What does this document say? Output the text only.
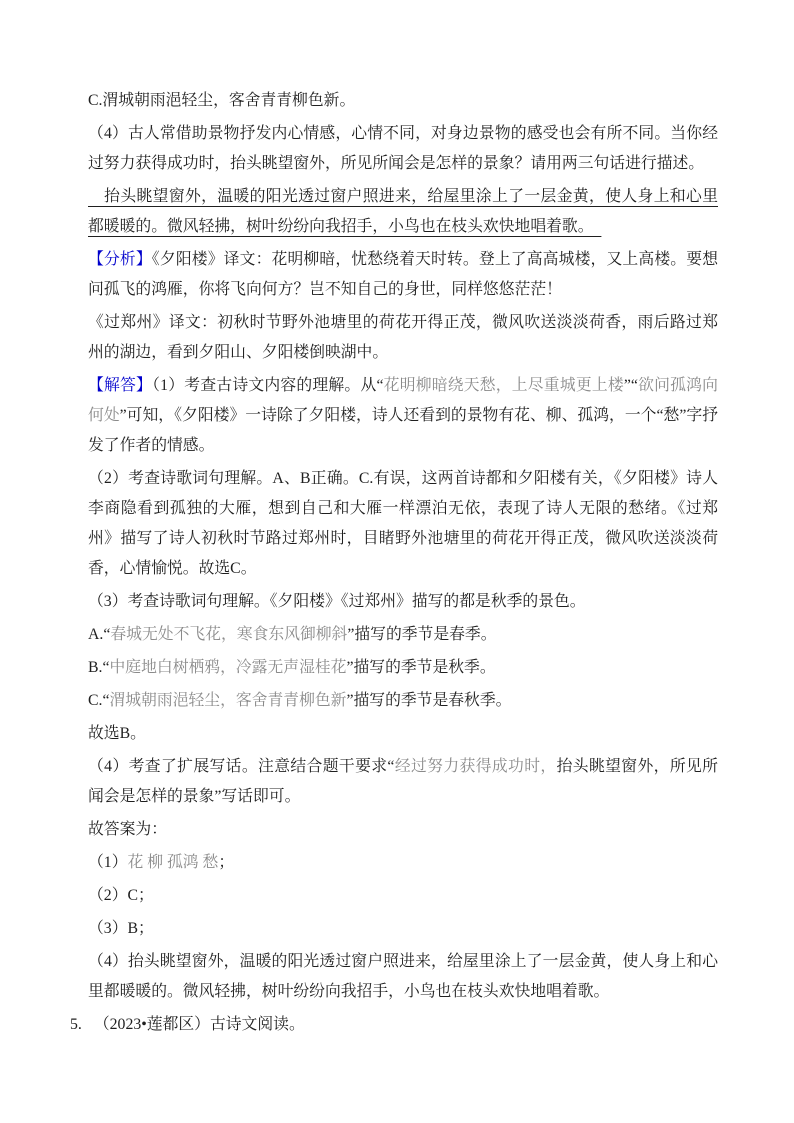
C.渭城朝雨浥轻尘，客舍青青柳色新。

（4）古人常借助景物抒发内心情感，心情不同，对身边景物的感受也会有所不同。当你经过努力获得成功时，抬头眺望窗外，所见所闻会是怎样的景象？请用两三句话进行描述。

　抬头眺望窗外，温暖的阳光透过窗户照进来，给屋里涂上了一层金黄，使人身上和心里都暖暖的。微风轻拂，树叶纷纷向我招手，小鸟也在枝头欢快地唱着歌。　

【分析】《夕阳楼》译文：花明柳暗，忧愁绕着天时转。登上了高高城楼，又上高楼。要想问孤飞的鸿雁，你将飞向何方？岂不知自己的身世，同样悠悠茫茫！

《过郑州》译文：初秋时节野外池塘里的荷花开得正茂，微风吹送淡淡荷香，雨后路过郑州的湖边，看到夕阳山、夕阳楼倒映湖中。

【解答】（1）考查古诗文内容的理解。从“花明柳暗绕天愁，上尽重城更上楼”“欲问孤鸿向何处”可知，《夕阳楼》一诗除了夕阳楼，诗人还看到的景物有花、柳、孤鸿，一个“愁”字抒发了作者的情感。

（2）考查诗歌词句理解。A、B正确。C.有误，这两首诗都和夕阳楼有关，《夕阳楼》诗人李商隐看到孤独的大雁，想到自己和大雁一样漂泊无依，表现了诗人无限的愁绪。《过郑州》描写了诗人初秋时节路过郑州时，目睹野外池塘里的荷花开得正茂，微风吹送淡淡荷香，心情愉悦。故选C。

（3）考查诗歌词句理解。《夕阳楼》《过郑州》描写的都是秋季的景色。

A.“春城无处不飞花，寒食东风御柳斜”描写的季节是春季。

B.“中庭地白树栖鸦，冷露无声湿桂花”描写的季节是秋季。

C.“渭城朝雨浥轻尘，客舍青青柳色新”描写的季节是春秋季。

故选B。

（4）考查了扩展写话。注意结合题干要求“经过努力获得成功时，抬头眺望窗外，所见所闻会是怎样的景象”写话即可。

故答案为：

（1）花 柳 孤鸿 愁；

（2）C；

（3）B；

（4）抬头眺望窗外，温暖的阳光透过窗户照进来，给屋里涂上了一层金黄，使人身上和心里都暖暖的。微风轻拂，树叶纷纷向我招手，小鸟也在枝头欢快地唱着歌。

5. （2023•莲都区）古诗文阅读。
